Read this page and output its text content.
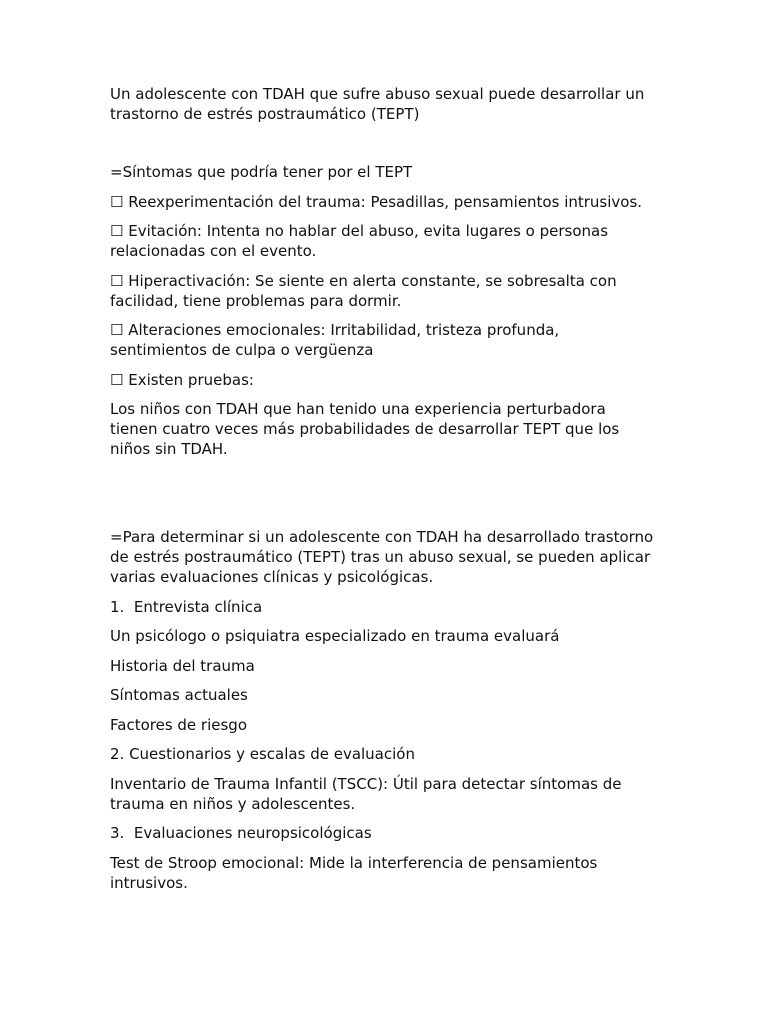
Un adolescente con TDAH que sufre abuso sexual puede desarrollar un trastorno de estrés postraumático (TEPT)

=Síntomas que podría tener por el TEPT

☐ Reexperimentación del trauma: Pesadillas, pensamientos intrusivos.

☐ Evitación: Intenta no hablar del abuso, evita lugares o personas relacionadas con el evento.

☐ Hiperactivación: Se siente en alerta constante, se sobresalta con facilidad, tiene problemas para dormir.

☐ Alteraciones emocionales: Irritabilidad, tristeza profunda, sentimientos de culpa o vergüenza

☐ Existen pruebas:

Los niños con TDAH que han tenido una experiencia perturbadora tienen cuatro veces más probabilidades de desarrollar TEPT que los niños sin TDAH.

=Para determinar si un adolescente con TDAH ha desarrollado trastorno de estrés postraumático (TEPT) tras un abuso sexual, se pueden aplicar varias evaluaciones clínicas y psicológicas.

1.  Entrevista clínica

Un psicólogo o psiquiatra especializado en trauma evaluará

Historia del trauma

Síntomas actuales

Factores de riesgo

2. Cuestionarios y escalas de evaluación

Inventario de Trauma Infantil (TSCC): Útil para detectar síntomas de trauma en niños y adolescentes.

3.  Evaluaciones neuropsicológicas

Test de Stroop emocional: Mide la interferencia de pensamientos intrusivos.
